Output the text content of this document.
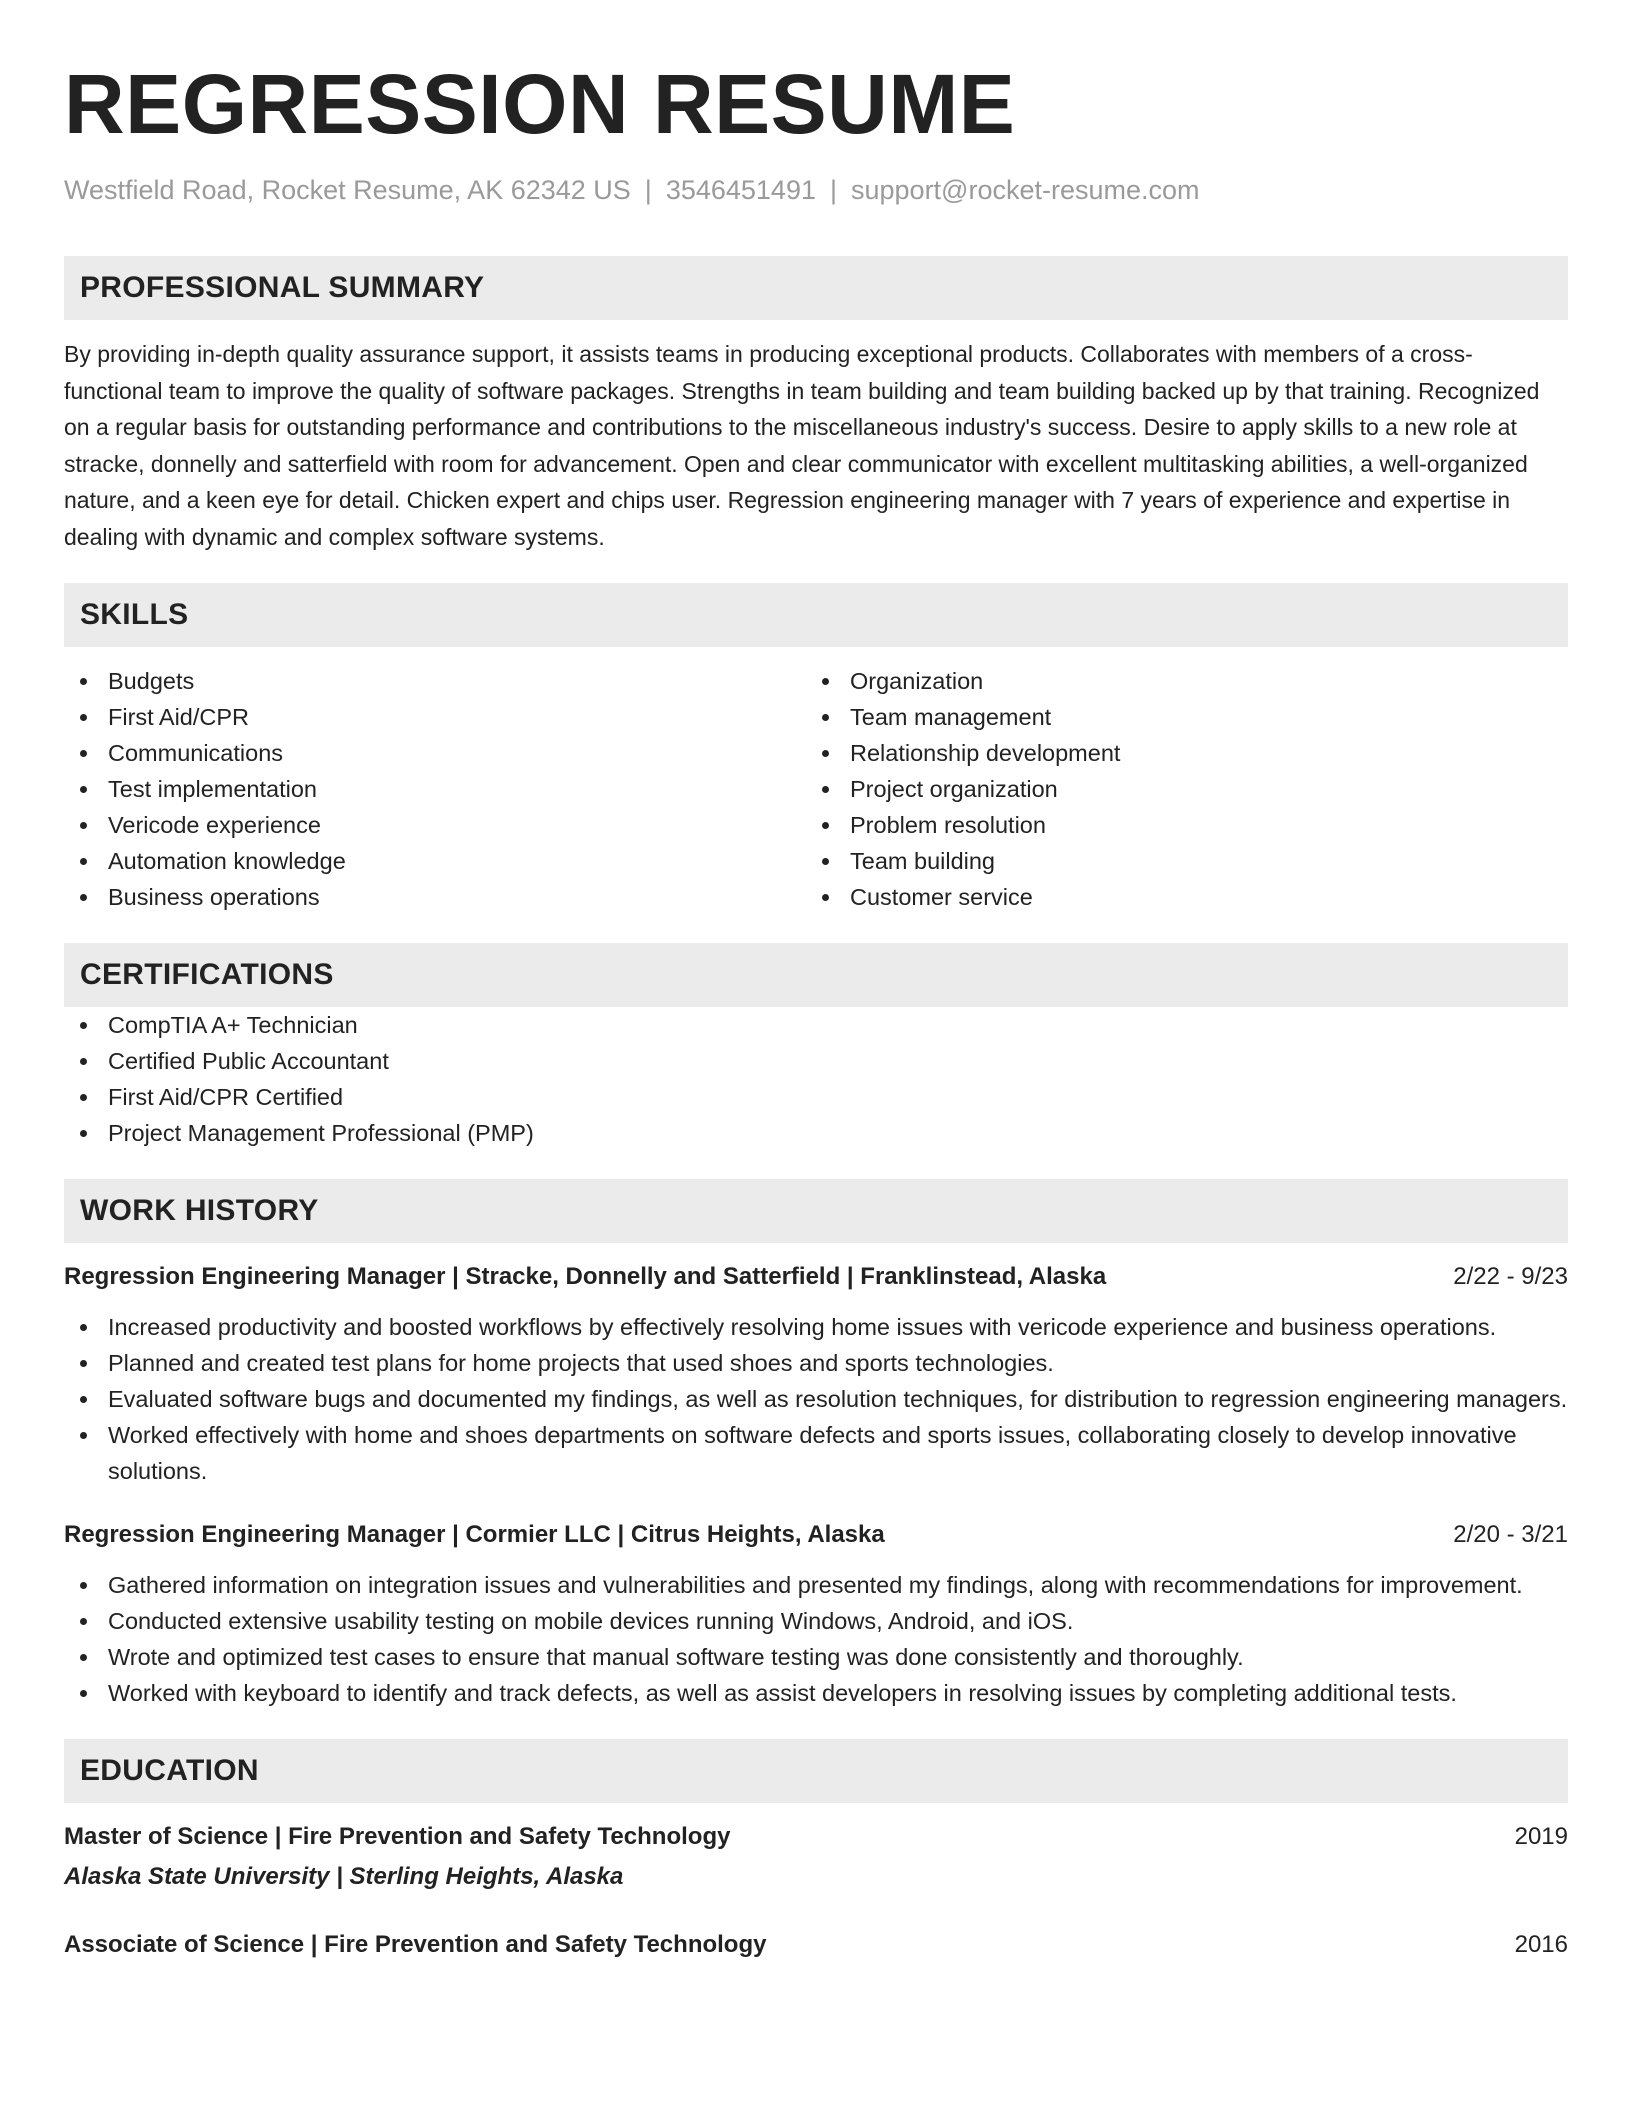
REGRESSION RESUME
Westfield Road, Rocket Resume, AK 62342 US | 3546451491 | support@rocket-resume.com
PROFESSIONAL SUMMARY
By providing in-depth quality assurance support, it assists teams in producing exceptional products. Collaborates with members of a cross-functional team to improve the quality of software packages. Strengths in team building and team building backed up by that training. Recognized on a regular basis for outstanding performance and contributions to the miscellaneous industry's success. Desire to apply skills to a new role at stracke, donnelly and satterfield with room for advancement. Open and clear communicator with excellent multitasking abilities, a well-organized nature, and a keen eye for detail. Chicken expert and chips user. Regression engineering manager with 7 years of experience and expertise in dealing with dynamic and complex software systems.
SKILLS
Budgets
First Aid/CPR
Communications
Test implementation
Vericode experience
Automation knowledge
Business operations
Organization
Team management
Relationship development
Project organization
Problem resolution
Team building
Customer service
CERTIFICATIONS
CompTIA A+ Technician
Certified Public Accountant
First Aid/CPR Certified
Project Management Professional (PMP)
WORK HISTORY
Regression Engineering Manager | Stracke, Donnelly and Satterfield | Franklinstead, Alaska	2/22 - 9/23
Increased productivity and boosted workflows by effectively resolving home issues with vericode experience and business operations.
Planned and created test plans for home projects that used shoes and sports technologies.
Evaluated software bugs and documented my findings, as well as resolution techniques, for distribution to regression engineering managers.
Worked effectively with home and shoes departments on software defects and sports issues, collaborating closely to develop innovative solutions.
Regression Engineering Manager | Cormier LLC | Citrus Heights, Alaska	2/20 - 3/21
Gathered information on integration issues and vulnerabilities and presented my findings, along with recommendations for improvement.
Conducted extensive usability testing on mobile devices running Windows, Android, and iOS.
Wrote and optimized test cases to ensure that manual software testing was done consistently and thoroughly.
Worked with keyboard to identify and track defects, as well as assist developers in resolving issues by completing additional tests.
EDUCATION
Master of Science | Fire Prevention and Safety Technology	2019
Alaska State University | Sterling Heights, Alaska
Associate of Science | Fire Prevention and Safety Technology	2016
